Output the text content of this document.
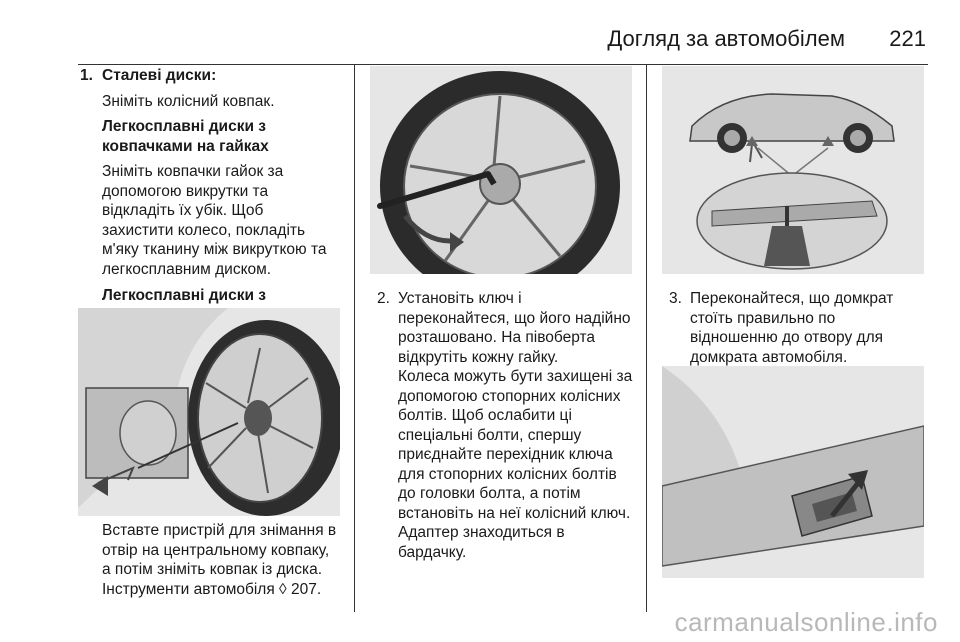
Догляд за автомобілем 221
1. Сталеві диски:
Зніміть колісний ковпак.
Легкосплавні диски з
ковпачками на гайках
Зніміть ковпачки гайок за
допомогою викрутки та
відкладіть їх убік. Щоб
захистити колесо, покладіть
м'яку тканину між викруткою та
легкосплавним диском.
Легкосплавні диски з
Вставте пристрій для знімання в
отвір на центральному ковпаку,
а потім зніміть ковпак із диска.
Інструменти автомобіля ◊ 207.
2. Установіть ключ і
переконайтеся, що його надійно
розташовано. На півоберта
відкрутіть кожну гайку.
Колеса можуть бути захищені за
допомогою стопорних колісних
болтів. Щоб ослабити ці
спеціальні болти, спершу
приєднайте перехідник ключа
для стопорних колісних болтів
до головки болта, а потім
встановіть на неї колісний ключ.
Адаптер знаходиться в
бардачку.
3. Переконайтеся, що домкрат
стоїть правильно по
відношенню до отвору для
домкрата автомобіля.
carmanualsonline.info
